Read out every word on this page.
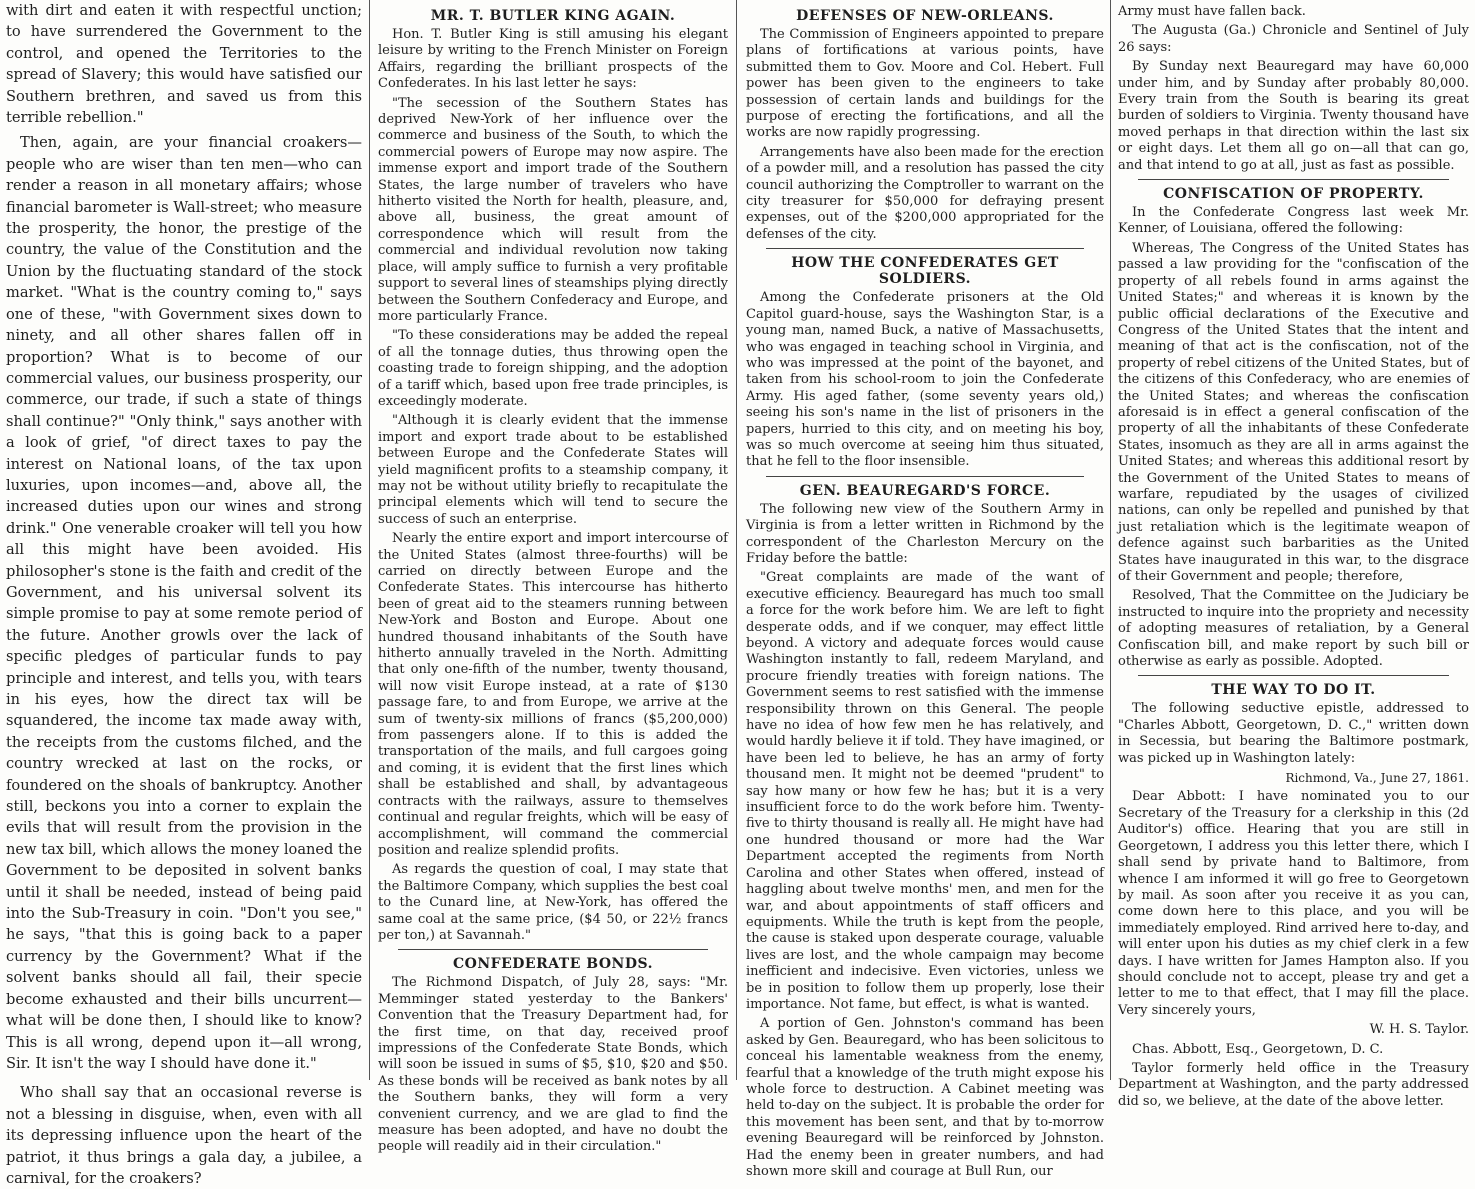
with dirt and eaten it with respectful unction; to have surrendered the Government to the control, and opened the Territories to the spread of Slavery; this would have satisfied our Southern brethren, and saved us from this terrible rebellion."

Then, again, are your financial croakers—people who are wiser than ten men—who can render a reason in all monetary affairs; whose financial barometer is Wall-street; who measure the prosperity, the honor, the prestige of the country, the value of the Constitution and the Union by the fluctuating standard of the stock market. "What is the country coming to," says one of these, "with Government sixes down to ninety, and all other shares fallen off in proportion? What is to become of our commercial values, our business prosperity, our commerce, our trade, if such a state of things shall continue?" "Only think," says another with a look of grief, "of direct taxes to pay the interest on National loans, of the tax upon luxuries, upon incomes—and, above all, the increased duties upon our wines and strong drink." One venerable croaker will tell you how all this might have been avoided. His philosopher's stone is the faith and credit of the Government, and his universal solvent its simple promise to pay at some remote period of the future. Another growls over the lack of specific pledges of particular funds to pay principle and interest, and tells you, with tears in his eyes, how the direct tax will be squandered, the income tax made away with, the receipts from the customs filched, and the country wrecked at last on the rocks, or foundered on the shoals of bankruptcy. Another still, beckons you into a corner to explain the evils that will result from the provision in the new tax bill, which allows the money loaned the Government to be deposited in solvent banks until it shall be needed, instead of being paid into the Sub-Treasury in coin. "Don't you see," he says, "that this is going back to a paper currency by the Government? What if the solvent banks should all fail, their specie become exhausted and their bills uncurrent—what will be done then, I should like to know? This is all wrong, depend upon it—all wrong, Sir. It isn't the way I should have done it."

Who shall say that an occasional reverse is not a blessing in disguise, when, even with all its depressing influence upon the heart of the patriot, it thus brings a gala day, a jubilee, a carnival, for the croakers?

MR. T. BUTLER KING AGAIN.

Hon. T. Butler King is still amusing his elegant leisure by writing to the French Minister on Foreign Affairs, regarding the brilliant prospects of the Confederates. In his last letter he says:

"The secession of the Southern States has deprived New-York of her influence over the commerce and business of the South, to which the commercial powers of Europe may now aspire. The immense export and import trade of the Southern States, the large number of travelers who have hitherto visited the North for health, pleasure, and, above all, business, the great amount of correspondence which will result from the commercial and individual revolution now taking place, will amply suffice to furnish a very profitable support to several lines of steamships plying directly between the Southern Confederacy and Europe, and more particularly France.

"To these considerations may be added the repeal of all the tonnage duties, thus throwing open the coasting trade to foreign shipping, and the adoption of a tariff which, based upon free trade principles, is exceedingly moderate.

"Although it is clearly evident that the immense import and export trade about to be established between Europe and the Confederate States will yield magnificent profits to a steamship company, it may not be without utility briefly to recapitulate the principal elements which will tend to secure the success of such an enterprise.

Nearly the entire export and import intercourse of the United States (almost three-fourths) will be carried on directly between Europe and the Confederate States. This intercourse has hitherto been of great aid to the steamers running between New-York and Boston and Europe. About one hundred thousand inhabitants of the South have hitherto annually traveled in the North. Admitting that only one-fifth of the number, twenty thousand, will now visit Europe instead, at a rate of $130 passage fare, to and from Europe, we arrive at the sum of twenty-six millions of francs ($5,200,000) from passengers alone. If to this is added the transportation of the mails, and full cargoes going and coming, it is evident that the first lines which shall be established and shall, by advantageous contracts with the railways, assure to themselves continual and regular freights, which will be easy of accomplishment, will command the commercial position and realize splendid profits.

As regards the question of coal, I may state that the Baltimore Company, which supplies the best coal to the Cunard line, at New-York, has offered the same coal at the same price, ($4 50, or 22½ francs per ton,) at Savannah."

CONFEDERATE BONDS.

The Richmond Dispatch, of July 28, says: "Mr. Memminger stated yesterday to the Bankers' Convention that the Treasury Department had, for the first time, on that day, received proof impressions of the Confederate State Bonds, which will soon be issued in sums of $5, $10, $20 and $50. As these bonds will be received as bank notes by all the Southern banks, they will form a very convenient currency, and we are glad to find the measure has been adopted, and have no doubt the people will readily aid in their circulation."

DEFENSES OF NEW-ORLEANS.

The Commission of Engineers appointed to prepare plans of fortifications at various points, have submitted them to Gov. Moore and Col. Hebert. Full power has been given to the engineers to take possession of certain lands and buildings for the purpose of erecting the fortifications, and all the works are now rapidly progressing.

Arrangements have also been made for the erection of a powder mill, and a resolution has passed the city council authorizing the Comptroller to warrant on the city treasurer for $50,000 for defraying present expenses, out of the $200,000 appropriated for the defenses of the city.

HOW THE CONFEDERATES GET SOLDIERS.

Among the Confederate prisoners at the Old Capitol guard-house, says the Washington Star, is a young man, named Buck, a native of Massachusetts, who was engaged in teaching school in Virginia, and who was impressed at the point of the bayonet, and taken from his school-room to join the Confederate Army. His aged father, (some seventy years old,) seeing his son's name in the list of prisoners in the papers, hurried to this city, and on meeting his boy, was so much overcome at seeing him thus situated, that he fell to the floor insensible.

GEN. BEAUREGARD'S FORCE.

The following new view of the Southern Army in Virginia is from a letter written in Richmond by the correspondent of the Charleston Mercury on the Friday before the battle:

"Great complaints are made of the want of executive efficiency. Beauregard has much too small a force for the work before him. We are left to fight desperate odds, and if we conquer, may effect little beyond. A victory and adequate forces would cause Washington instantly to fall, redeem Maryland, and procure friendly treaties with foreign nations. The Government seems to rest satisfied with the immense responsibility thrown on this General. The people have no idea of how few men he has relatively, and would hardly believe it if told. They have imagined, or have been led to believe, he has an army of forty thousand men. It might not be deemed "prudent" to say how many or how few he has; but it is a very insufficient force to do the work before him. Twenty-five to thirty thousand is really all. He might have had one hundred thousand or more had the War Department accepted the regiments from North Carolina and other States when offered, instead of haggling about twelve months' men, and men for the war, and about appointments of staff officers and equipments. While the truth is kept from the people, the cause is staked upon desperate courage, valuable lives are lost, and the whole campaign may become inefficient and indecisive. Even victories, unless we be in position to follow them up properly, lose their importance. Not fame, but effect, is what is wanted.

A portion of Gen. Johnston's command has been asked by Gen. Beauregard, who has been solicitous to conceal his lamentable weakness from the enemy, fearful that a knowledge of the truth might expose his whole force to destruction. A Cabinet meeting was held to-day on the subject. It is probable the order for this movement has been sent, and that by to-morrow evening Beauregard will be reinforced by Johnston. Had the enemy been in greater numbers, and had shown more skill and courage at Bull Run, our

Army must have fallen back.

The Augusta (Ga.) Chronicle and Sentinel of July 26 says:

By Sunday next Beauregard may have 60,000 under him, and by Sunday after probably 80,000. Every train from the South is bearing its great burden of soldiers to Virginia. Twenty thousand have moved perhaps in that direction within the last six or eight days. Let them all go on—all that can go, and that intend to go at all, just as fast as possible.

CONFISCATION OF PROPERTY.

In the Confederate Congress last week Mr. Kenner, of Louisiana, offered the following:

Whereas, The Congress of the United States has passed a law providing for the "confiscation of the property of all rebels found in arms against the United States;" and whereas it is known by the public official declarations of the Executive and Congress of the United States that the intent and meaning of that act is the confiscation, not of the property of rebel citizens of the United States, but of the citizens of this Confederacy, who are enemies of the United States; and whereas the confiscation aforesaid is in effect a general confiscation of the property of all the inhabitants of these Confederate States, insomuch as they are all in arms against the United States; and whereas this additional resort by the Government of the United States to means of warfare, repudiated by the usages of civilized nations, can only be repelled and punished by that just retaliation which is the legitimate weapon of defence against such barbarities as the United States have inaugurated in this war, to the disgrace of their Government and people; therefore,

Resolved, That the Committee on the Judiciary be instructed to inquire into the propriety and necessity of adopting measures of retaliation, by a General Confiscation bill, and make report by such bill or otherwise as early as possible. Adopted.

THE WAY TO DO IT.

The following seductive epistle, addressed to "Charles Abbott, Georgetown, D. C.," written down in Secessia, but bearing the Baltimore postmark, was picked up in Washington lately:

Richmond, Va., June 27, 1861.

Dear Abbott: I have nominated you to our Secretary of the Treasury for a clerkship in this (2d Auditor's) office. Hearing that you are still in Georgetown, I address you this letter there, which I shall send by private hand to Baltimore, from whence I am informed it will go free to Georgetown by mail. As soon after you receive it as you can, come down here to this place, and you will be immediately employed. Rind arrived here to-day, and will enter upon his duties as my chief clerk in a few days. I have written for James Hampton also. If you should conclude not to accept, please try and get a letter to me to that effect, that I may fill the place. Very sincerely yours,

W. H. S. Taylor.

Chas. Abbott, Esq., Georgetown, D. C.

Taylor formerly held office in the Treasury Department at Washington, and the party addressed did so, we believe, at the date of the above letter.
